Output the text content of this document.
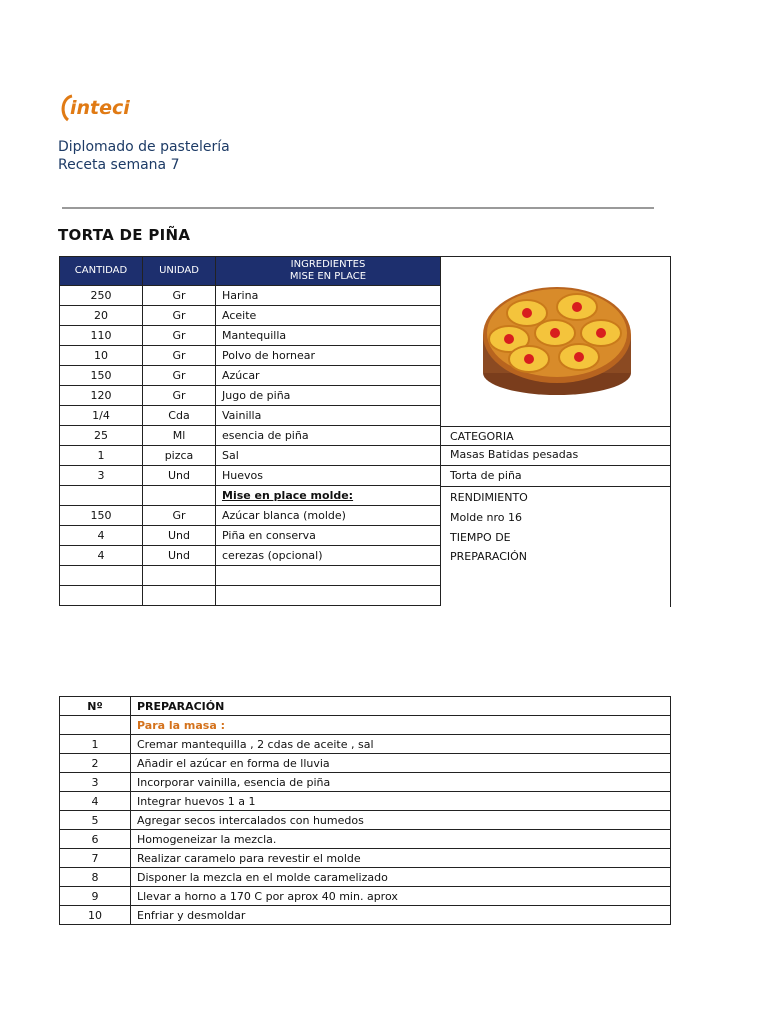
inteci
Diplomado de pastelería
Receta semana 7
TORTA DE PIÑA
CANTIDAD	UNIDAD	INGREDIENTES
MISE EN PLACE

250	Gr	Harina
20	Gr	Aceite
110	Gr	Mantequilla
10	Gr	Polvo de hornear
150	Gr	Azúcar
120	Gr	Jugo de piña
1/4	Cda	Vainilla
25	Ml	esencia de piña
1	pizca	Sal
3	Und	Huevos
		Mise en place molde:
150	Gr	Azúcar blanca (molde)
4	Und	Piña en conserva
4	Und	cerezas (opcional)

CATEGORIA
Masas Batidas pesadas
Torta de piña
RENDIMIENTO
Molde nro 16
TIEMPO DE
PREPARACIÓN
Nº	PREPARACIÓN
	Para la masa :
1	Cremar mantequilla , 2 cdas de aceite , sal
2	Añadir el azúcar en forma de lluvia
3	Incorporar vainilla, esencia de piña
4	Integrar huevos 1 a 1
5	Agregar secos intercalados con humedos
6	Homogeneizar la mezcla.
7	Realizar caramelo para revestir el molde
8	Disponer la mezcla en el molde caramelizado
9	Llevar a horno a 170 C por aprox 40 min. aprox
10	Enfriar y desmoldar
